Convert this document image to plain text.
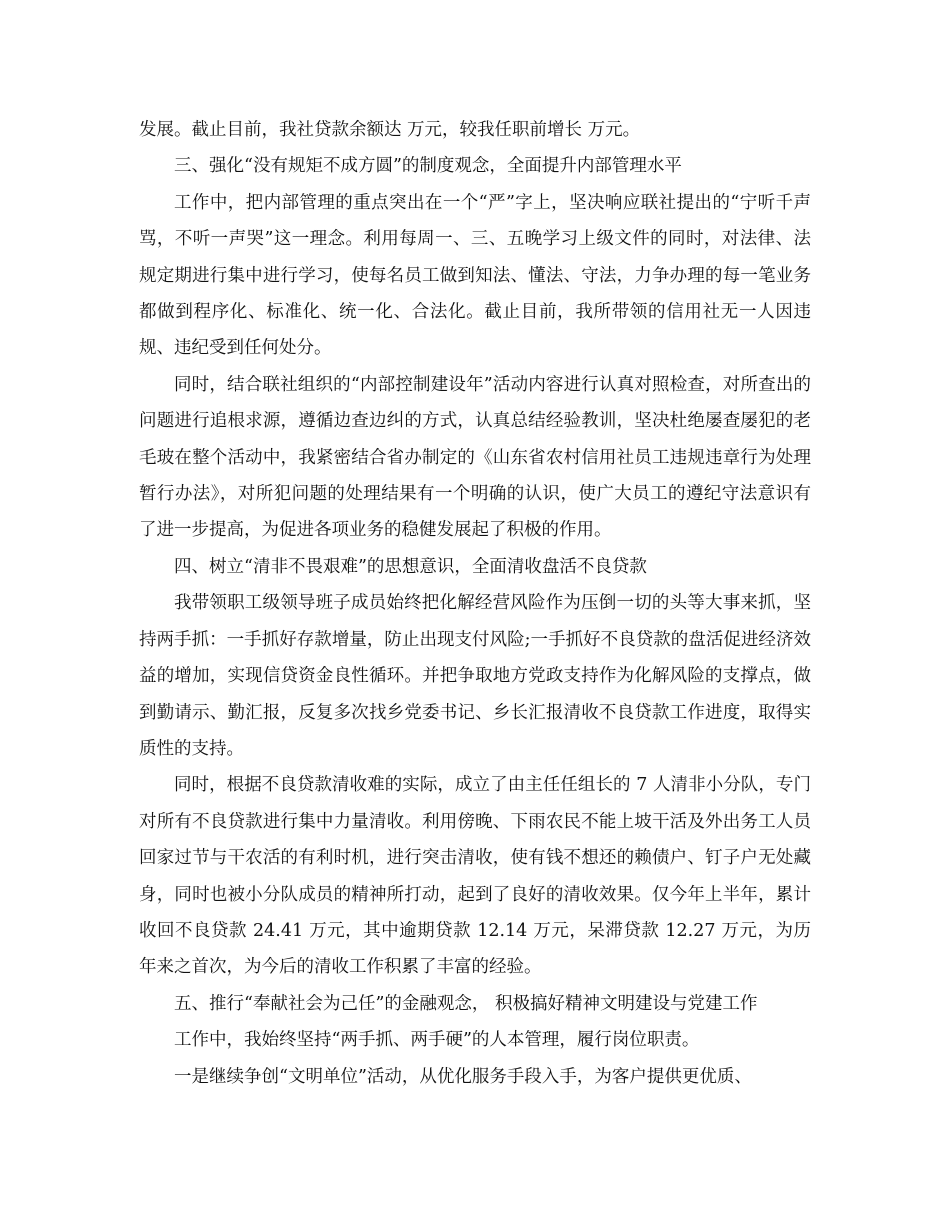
发展。截止目前，我社贷款余额达 万元，较我任职前增长 万元。

三、强化“没有规矩不成方圆”的制度观念，全面提升内部管理水平

工作中，把内部管理的重点突出在一个“严”字上，坚决响应联社提出的“宁听千声骂，不听一声哭”这一理念。利用每周一、三、五晚学习上级文件的同时，对法律、法规定期进行集中进行学习，使每名员工做到知法、懂法、守法，力争办理的每一笔业务都做到程序化、标准化、统一化、合法化。截止目前，我所带领的信用社无一人因违规、违纪受到任何处分。

同时，结合联社组织的“内部控制建设年”活动内容进行认真对照检查，对所查出的问题进行追根求源，遵循边查边纠的方式，认真总结经验教训，坚决杜绝屡查屡犯的老毛玻在整个活动中，我紧密结合省办制定的《山东省农村信用社员工违规违章行为处理暂行办法》，对所犯问题的处理结果有一个明确的认识，使广大员工的遵纪守法意识有了进一步提高，为促进各项业务的稳健发展起了积极的作用。

四、树立“清非不畏艰难”的思想意识，全面清收盘活不良贷款

我带领职工级领导班子成员始终把化解经营风险作为压倒一切的头等大事来抓，坚持两手抓：一手抓好存款增量，防止出现支付风险;一手抓好不良贷款的盘活促进经济效益的增加，实现信贷资金良性循环。并把争取地方党政支持作为化解风险的支撑点，做到勤请示、勤汇报，反复多次找乡党委书记、乡长汇报清收不良贷款工作进度，取得实质性的支持。

同时，根据不良贷款清收难的实际，成立了由主任任组长的 7 人清非小分队，专门对所有不良贷款进行集中力量清收。利用傍晚、下雨农民不能上坡干活及外出务工人员回家过节与干农活的有利时机，进行突击清收，使有钱不想还的赖债户、钉子户无处藏身，同时也被小分队成员的精神所打动，起到了良好的清收效果。仅今年上半年，累计收回不良贷款 24.41 万元，其中逾期贷款 12.14 万元，呆滞贷款 12.27 万元，为历年来之首次，为今后的清收工作积累了丰富的经验。

五、推行“奉献社会为己任”的金融观念， 积极搞好精神文明建设与党建工作

工作中，我始终坚持“两手抓、两手硬”的人本管理，履行岗位职责。

一是继续争创“文明单位”活动，从优化服务手段入手，为客户提供更优质、
